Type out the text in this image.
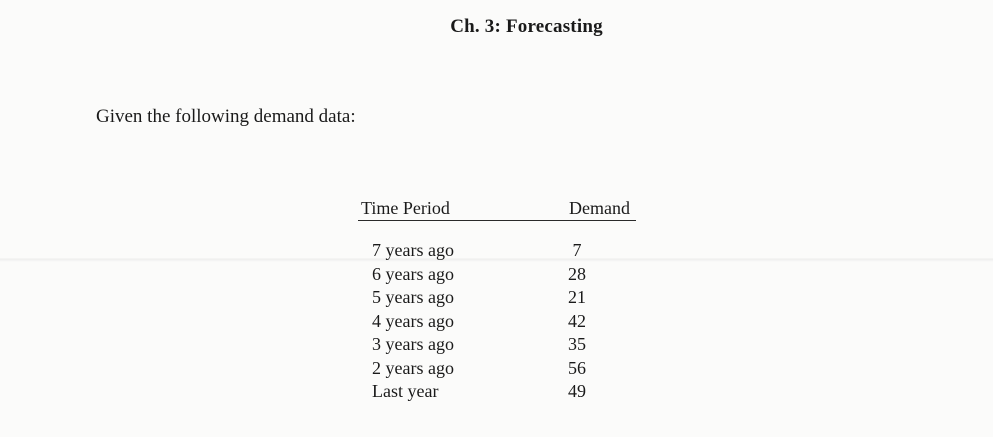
Ch. 3: Forecasting
Given the following demand data:
Time Period	Demand
7 years ago	7
6 years ago	28
5 years ago	21
4 years ago	42
3 years ago	35
2 years ago	56
Last year	49
